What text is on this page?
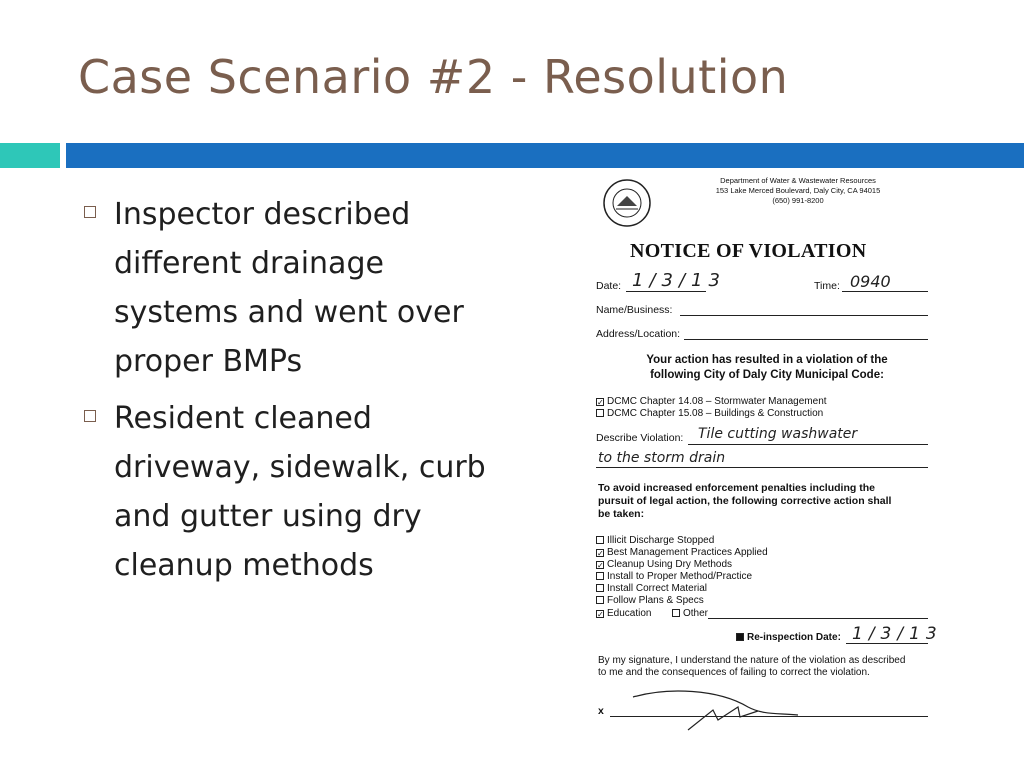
Case Scenario #2 - Resolution
Inspector described different drainage systems and went over proper BMPs
Resident cleaned driveway, sidewalk, curb and gutter using dry cleanup methods
Department of Water & Wastewater Resources
153 Lake Merced Boulevard, Daly City, CA 94015
(650) 991-8200
NOTICE OF VIOLATION
Date: 1/3/13	Time: 0940
Name/Business:
Address/Location:
Your action has resulted in a violation of the
following City of Daly City Municipal Code:
✓ DCMC Chapter 14.08 – Stormwater Management
DCMC Chapter 15.08 – Buildings & Construction
Describe Violation: Tile cutting washwater
to the storm drain
To avoid increased enforcement penalties including the
pursuit of legal action, the following corrective action shall
be taken:
Illicit Discharge Stopped
✓ Best Management Practices Applied
✓ Cleanup Using Dry Methods
Install to Proper Method/Practice
Install Correct Material
Follow Plans & Specs
✓ Education	Other
Re-inspection Date: 1/3/13
By my signature, I understand the nature of the violation as described
to me and the consequences of failing to correct the violation.
x
